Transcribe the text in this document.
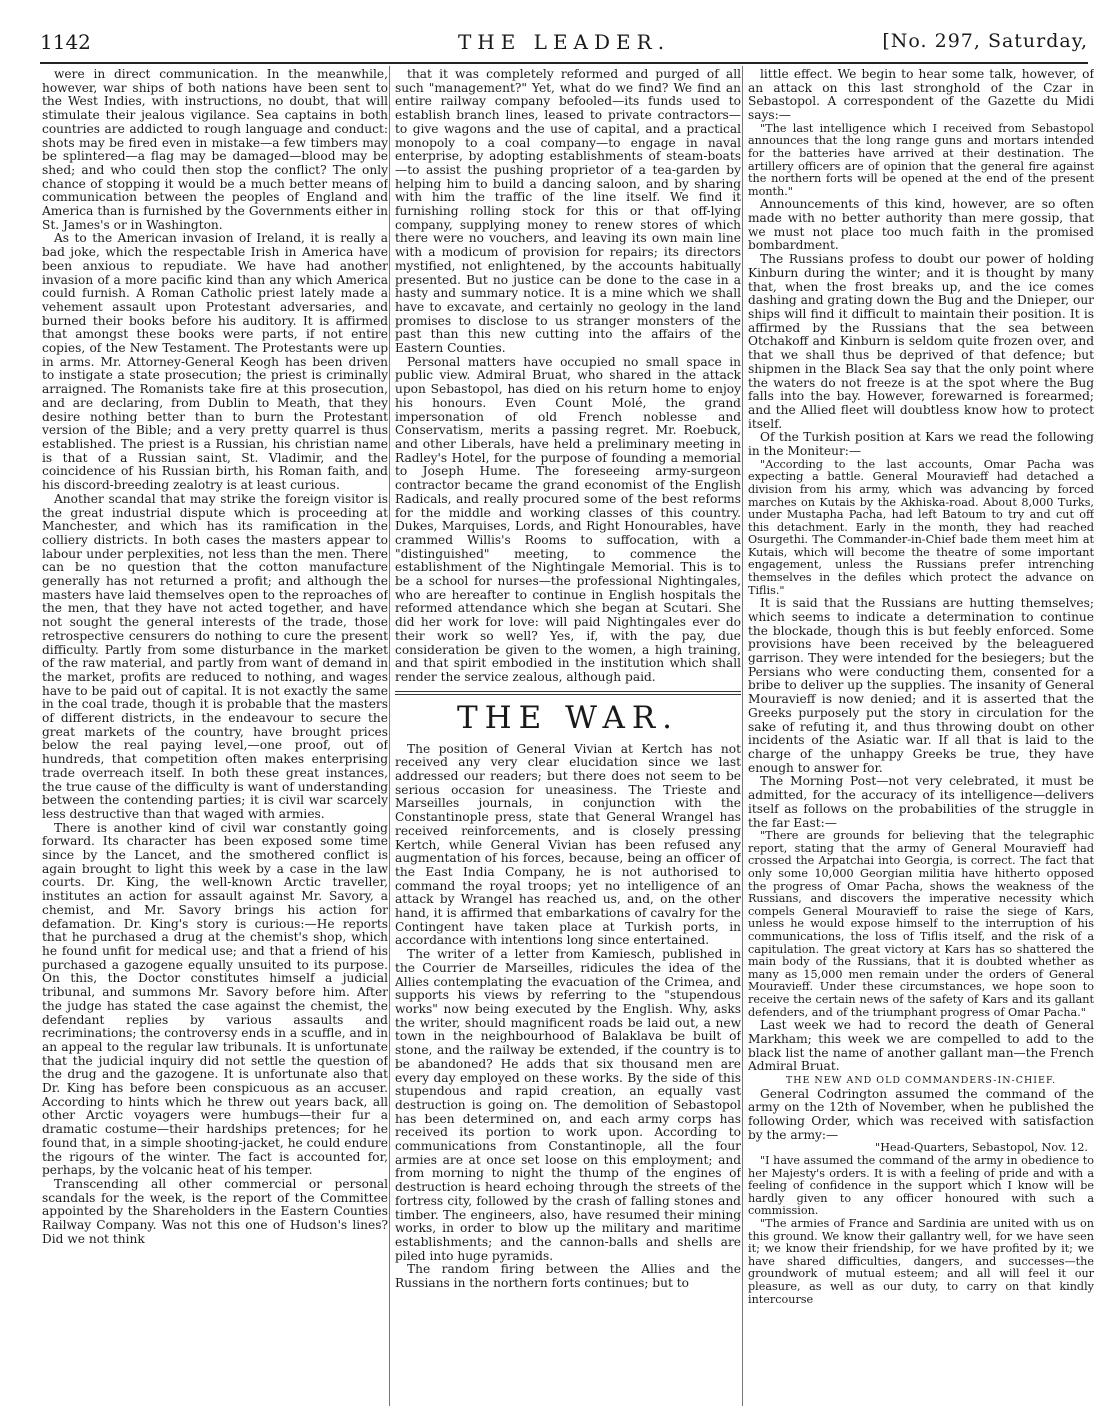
1142	THE LEADER.	[No. 297, Saturday,

were in direct communication. In the meanwhile, however, war ships of both nations have been sent to the West Indies, with instructions, no doubt, that will stimulate their jealous vigilance. Sea captains in both countries are addicted to rough language and conduct: shots may be fired even in mistake—a few timbers may be splintered—a flag may be damaged—blood may be shed; and who could then stop the conflict? The only chance of stopping it would be a much better means of communication between the peoples of England and America than is furnished by the Governments either in St. James's or in Washington.

As to the American invasion of Ireland, it is really a bad joke, which the respectable Irish in America have been anxious to repudiate. We have had another invasion of a more pacific kind than any which America could furnish. A Roman Catholic priest lately made a vehement assault upon Protestant adversaries, and burned their books before his auditory. It is affirmed that amongst these books were parts, if not entire copies, of the New Testament. The Protestants were up in arms. Mr. Attorney-General Keogh has been driven to instigate a state prosecution; the priest is criminally arraigned. The Romanists take fire at this prosecution, and are declaring, from Dublin to Meath, that they desire nothing better than to burn the Protestant version of the Bible; and a very pretty quarrel is thus established. The priest is a Russian, his christian name is that of a Russian saint, St. Vladimir, and the coincidence of his Russian birth, his Roman faith, and his discord-breeding zealotry is at least curious.

Another scandal that may strike the foreign visitor is the great industrial dispute which is proceeding at Manchester, and which has its ramification in the colliery districts. In both cases the masters appear to labour under perplexities, not less than the men. There can be no question that the cotton manufacture generally has not returned a profit; and although the masters have laid themselves open to the reproaches of the men, that they have not acted together, and have not sought the general interests of the trade, those retrospective censurers do nothing to cure the present difficulty. Partly from some disturbance in the market of the raw material, and partly from want of demand in the market, profits are reduced to nothing, and wages have to be paid out of capital. It is not exactly the same in the coal trade, though it is probable that the masters of different districts, in the endeavour to secure the great markets of the country, have brought prices below the real paying level,—one proof, out of hundreds, that competition often makes enterprising trade overreach itself. In both these great instances, the true cause of the difficulty is want of understanding between the contending parties; it is civil war scarcely less destructive than that waged with armies.

There is another kind of civil war constantly going forward. Its character has been exposed some time since by the Lancet, and the smothered conflict is again brought to light this week by a case in the law courts. Dr. King, the well-known Arctic traveller, institutes an action for assault against Mr. Savory, a chemist, and Mr. Savory brings his action for defamation. Dr. King's story is curious:—He reports that he purchased a drug at the chemist's shop, which he found unfit for medical use; and that a friend of his purchased a gazogene equally unsuited to its purpose. On this, the Doctor constitutes himself a judicial tribunal, and summons Mr. Savory before him. After the judge has stated the case against the chemist, the defendant replies by various assaults and recriminations; the controversy ends in a scuffle, and in an appeal to the regular law tribunals. It is unfortunate that the judicial inquiry did not settle the question of the drug and the gazogene. It is unfortunate also that Dr. King has before been conspicuous as an accuser. According to hints which he threw out years back, all other Arctic voyagers were humbugs—their fur a dramatic costume—their hardships pretences; for he found that, in a simple shooting-jacket, he could endure the rigours of the winter. The fact is accounted for, perhaps, by the volcanic heat of his temper.

Transcending all other commercial or personal scandals for the week, is the report of the Committee appointed by the Shareholders in the Eastern Counties Railway Company. Was not this one of Hudson's lines? Did we not think

that it was completely reformed and purged of all such "management?" Yet, what do we find? We find an entire railway company befooled—its funds used to establish branch lines, leased to private contractors—to give wagons and the use of capital, and a practical monopoly to a coal company—to engage in naval enterprise, by adopting establishments of steam-boats—to assist the pushing proprietor of a tea-garden by helping him to build a dancing saloon, and by sharing with him the traffic of the line itself. We find it furnishing rolling stock for this or that off-lying company, supplying money to renew stores of which there were no vouchers, and leaving its own main line with a modicum of provision for repairs; its directors mystified, not enlightened, by the accounts habitually presented. But no justice can be done to the case in a hasty and summary notice. It is a mine which we shall have to excavate, and certainly no geology in the land promises to disclose to us stranger monsters of the past than this new cutting into the affairs of the Eastern Counties.

Personal matters have occupied no small space in public view. Admiral Bruat, who shared in the attack upon Sebastopol, has died on his return home to enjoy his honours. Even Count Molé, the grand impersonation of old French noblesse and Conservatism, merits a passing regret. Mr. Roebuck, and other Liberals, have held a preliminary meeting in Radley's Hotel, for the purpose of founding a memorial to Joseph Hume. The foreseeing army-surgeon contractor became the grand economist of the English Radicals, and really procured some of the best reforms for the middle and working classes of this country. Dukes, Marquises, Lords, and Right Honourables, have crammed Willis's Rooms to suffocation, with a "distinguished" meeting, to commence the establishment of the Nightingale Memorial. This is to be a school for nurses—the professional Nightingales, who are hereafter to continue in English hospitals the reformed attendance which she began at Scutari. She did her work for love: will paid Nightingales ever do their work so well? Yes, if, with the pay, due consideration be given to the women, a high training, and that spirit embodied in the institution which shall render the service zealous, although paid.

THE WAR.

The position of General Vivian at Kertch has not received any very clear elucidation since we last addressed our readers; but there does not seem to be serious occasion for uneasiness. The Trieste and Marseilles journals, in conjunction with the Constantinople press, state that General Wrangel has received reinforcements, and is closely pressing Kertch, while General Vivian has been refused any augmentation of his forces, because, being an officer of the East India Company, he is not authorised to command the royal troops; yet no intelligence of an attack by Wrangel has reached us, and, on the other hand, it is affirmed that embarkations of cavalry for the Contingent have taken place at Turkish ports, in accordance with intentions long since entertained.

The writer of a letter from Kamiesch, published in the Courrier de Marseilles, ridicules the idea of the Allies contemplating the evacuation of the Crimea, and supports his views by referring to the "stupendous works" now being executed by the English. Why, asks the writer, should magnificent roads be laid out, a new town in the neighbourhood of Balaklava be built of stone, and the railway be extended, if the country is to be abandoned? He adds that six thousand men are every day employed on these works. By the side of this stupendous and rapid creation, an equally vast destruction is going on. The demolition of Sebastopol has been determined on, and each army corps has received its portion to work upon. According to communications from Constantinople, all the four armies are at once set loose on this employment; and from morning to night the thump of the engines of destruction is heard echoing through the streets of the fortress city, followed by the crash of falling stones and timber. The engineers, also, have resumed their mining works, in order to blow up the military and maritime establishments; and the cannon-balls and shells are piled into huge pyramids.

The random firing between the Allies and the Russians in the northern forts continues; but to

little effect. We begin to hear some talk, however, of an attack on this last stronghold of the Czar in Sebastopol. A correspondent of the Gazette du Midi says:—

"The last intelligence which I received from Sebastopol announces that the long range guns and mortars intended for the batteries have arrived at their destination. The artillery officers are of opinion that the general fire against the northern forts will be opened at the end of the present month."

Announcements of this kind, however, are so often made with no better authority than mere gossip, that we must not place too much faith in the promised bombardment.

The Russians profess to doubt our power of holding Kinburn during the winter; and it is thought by many that, when the frost breaks up, and the ice comes dashing and grating down the Bug and the Dnieper, our ships will find it difficult to maintain their position. It is affirmed by the Russians that the sea between Otchakoff and Kinburn is seldom quite frozen over, and that we shall thus be deprived of that defence; but shipmen in the Black Sea say that the only point where the waters do not freeze is at the spot where the Bug falls into the bay. However, forewarned is forearmed; and the Allied fleet will doubtless know how to protect itself.

Of the Turkish position at Kars we read the following in the Moniteur:—

"According to the last accounts, Omar Pacha was expecting a battle. General Mouravieff had detached a division from his army, which was advancing by forced marches on Kutais by the Akhiska-road. About 8,000 Turks, under Mustapha Pacha, had left Batoum to try and cut off this detachment. Early in the month, they had reached Osurgethi. The Commander-in-Chief bade them meet him at Kutais, which will become the theatre of some important engagement, unless the Russians prefer intrenching themselves in the defiles which protect the advance on Tiflis."

It is said that the Russians are hutting themselves; which seems to indicate a determination to continue the blockade, though this is but feebly enforced. Some provisions have been received by the beleaguered garrison. They were intended for the besiegers; but the Persians who were conducting them, consented for a bribe to deliver up the supplies. The insanity of General Mouravieff is now denied; and it is asserted that the Greeks purposely put the story in circulation for the sake of refuting it, and thus throwing doubt on other incidents of the Asiatic war. If all that is laid to the charge of the unhappy Greeks be true, they have enough to answer for.

The Morning Post—not very celebrated, it must be admitted, for the accuracy of its intelligence—delivers itself as follows on the probabilities of the struggle in the far East:—

"There are grounds for believing that the telegraphic report, stating that the army of General Mouravieff had crossed the Arpatchai into Georgia, is correct. The fact that only some 10,000 Georgian militia have hitherto opposed the progress of Omar Pacha, shows the weakness of the Russians, and discovers the imperative necessity which compels General Mouravieff to raise the siege of Kars, unless he would expose himself to the interruption of his communications, the loss of Tiflis itself, and the risk of a capitulation. The great victory at Kars has so shattered the main body of the Russians, that it is doubted whether as many as 15,000 men remain under the orders of General Mouravieff. Under these circumstances, we hope soon to receive the certain news of the safety of Kars and its gallant defenders, and of the triumphant progress of Omar Pacha."

Last week we had to record the death of General Markham; this week we are compelled to add to the black list the name of another gallant man—the French Admiral Bruat.

THE NEW AND OLD COMMANDERS-IN-CHIEF.

General Codrington assumed the command of the army on the 12th of November, when he published the following Order, which was received with satisfaction by the army:—

"Head-Quarters, Sebastopol, Nov. 12.

"I have assumed the command of the army in obedience to her Majesty's orders. It is with a feeling of pride and with a feeling of confidence in the support which I know will be hardly given to any officer honoured with such a commission.

"The armies of France and Sardinia are united with us on this ground. We know their gallantry well, for we have seen it; we know their friendship, for we have profited by it; we have shared difficulties, dangers, and successes—the groundwork of mutual esteem; and all will feel it our pleasure, as well as our duty, to carry on that kindly intercourse
